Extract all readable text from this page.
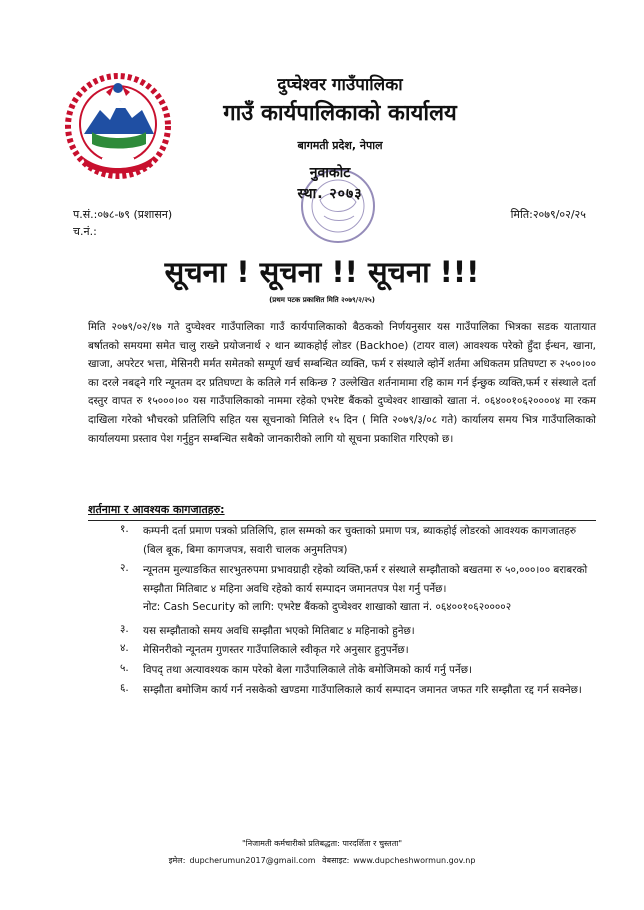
दुप्चेश्वर गाउँपालिका
गाउँ कार्यपालिकाको कार्यालय
बागमती प्रदेश, नेपाल
नुवाकोट
स्था. २०७३
प.सं.:०७८-७९ (प्रशासन)
च.नं.:
मिति:२०७९/०२/२५
सूचना ! सूचना !! सूचना !!!
(प्रथम पटक प्रकाशित मिति २०७९/२/२५)

मिति २०७९/०२/१७ गते दुप्चेश्वर गाउँपालिका गाउँ कार्यपालिकाको बैठकको निर्णयनुसार यस गाउँपालिका भित्रका सडक यातायात बर्षातको समयमा समेत चालु राख्ने प्रयोजनार्थ २ थान ब्याकहोई लोडर (Backhoe) (टायर वाल) आवश्यक परेको हुँदा ईन्धन, खाना, खाजा, अपरेटर भत्ता, मेसिनरी मर्मत समेतको सम्पूर्ण खर्च सम्बन्धित व्यक्ति, फर्म र संस्थाले व्होर्ने शर्तमा अधिकतम प्रतिघण्टा रु २५००।०० का दरले नबढ्ने गरि न्यूनतम दर प्रतिघण्टा के कतिले गर्न सकिन्छ ? उल्लेखित शर्तनामामा रहि काम गर्न ईन्छुक व्यक्ति,फर्म र संस्थाले दर्ता दस्तुर वापत रु १५०००।०० यस गाउँपालिकाको नाममा रहेको एभरेष्ट बैंकको दुप्चेश्वर शाखाको खाता नं. ०६४००१०६२००००४ मा रकम दाखिला गरेको भौचरको प्रतिलिपि सहित यस सूचनाको मितिले १५ दिन ( मिति २०७९/३/०८ गते) कार्यालय समय भित्र गाउँपालिकाको कार्यालयमा प्रस्ताव पेश गर्नुहुन सम्बन्धित सबैको जानकारीको लागि यो सूचना प्रकाशित गरिएको छ।

शर्तनामा र आवश्यक कागजातहरु:
१. कम्पनी दर्ता प्रमाण पत्रको प्रतिलिपि, हाल सम्मको कर चुक्ताको प्रमाण पत्र, ब्याकहोई लोडरको आवश्यक कागजातहरु (बिल बूक, बिमा कागजपत्र, सवारी चालक अनुमतिपत्र)
२. न्यूनतम मुल्याङकित सारभुतरुपमा प्रभावग्राही रहेको व्यक्ति,फर्म र संस्थाले सम्झौताको बखतमा रु ५०,०००।०० बराबरको सम्झौता मितिबाट ४ महिना अवधि रहेको कार्य सम्पादन जमानतपत्र पेश गर्नु पर्नेछ।
नोट: Cash Security को लागि: एभरेष्ट बैंकको दुप्चेश्वर शाखाको खाता नं. ०६४००१०६२००००२
३. यस सम्झौताको समय अवधि सम्झौता भएको मितिबाट ४ महिनाको हुनेछ।
४. मेसिनरीको न्यूनतम गुणस्तर गाउँपालिकाले स्वीकृत गरे अनुसार हुनुपर्नेछ।
५. विपद् तथा अत्यावश्यक काम परेको बेला गाउँपालिकाले तोके बमोजिमको कार्य गर्नु पर्नेछ।
६. सम्झौता बमोजिम कार्य गर्न नसकेको खण्डमा गाउँपालिकाले कार्य सम्पादन जमानत जफत गरि सम्झौता रद्द गर्न सक्नेछ।
"निजामती कर्मचारीको प्रतिबद्धता: पारदर्शिता र चुस्तता"
इमेल: dupcherumun2017@gmail.com वेबसाइट: www.dupcheshwormun.gov.np
